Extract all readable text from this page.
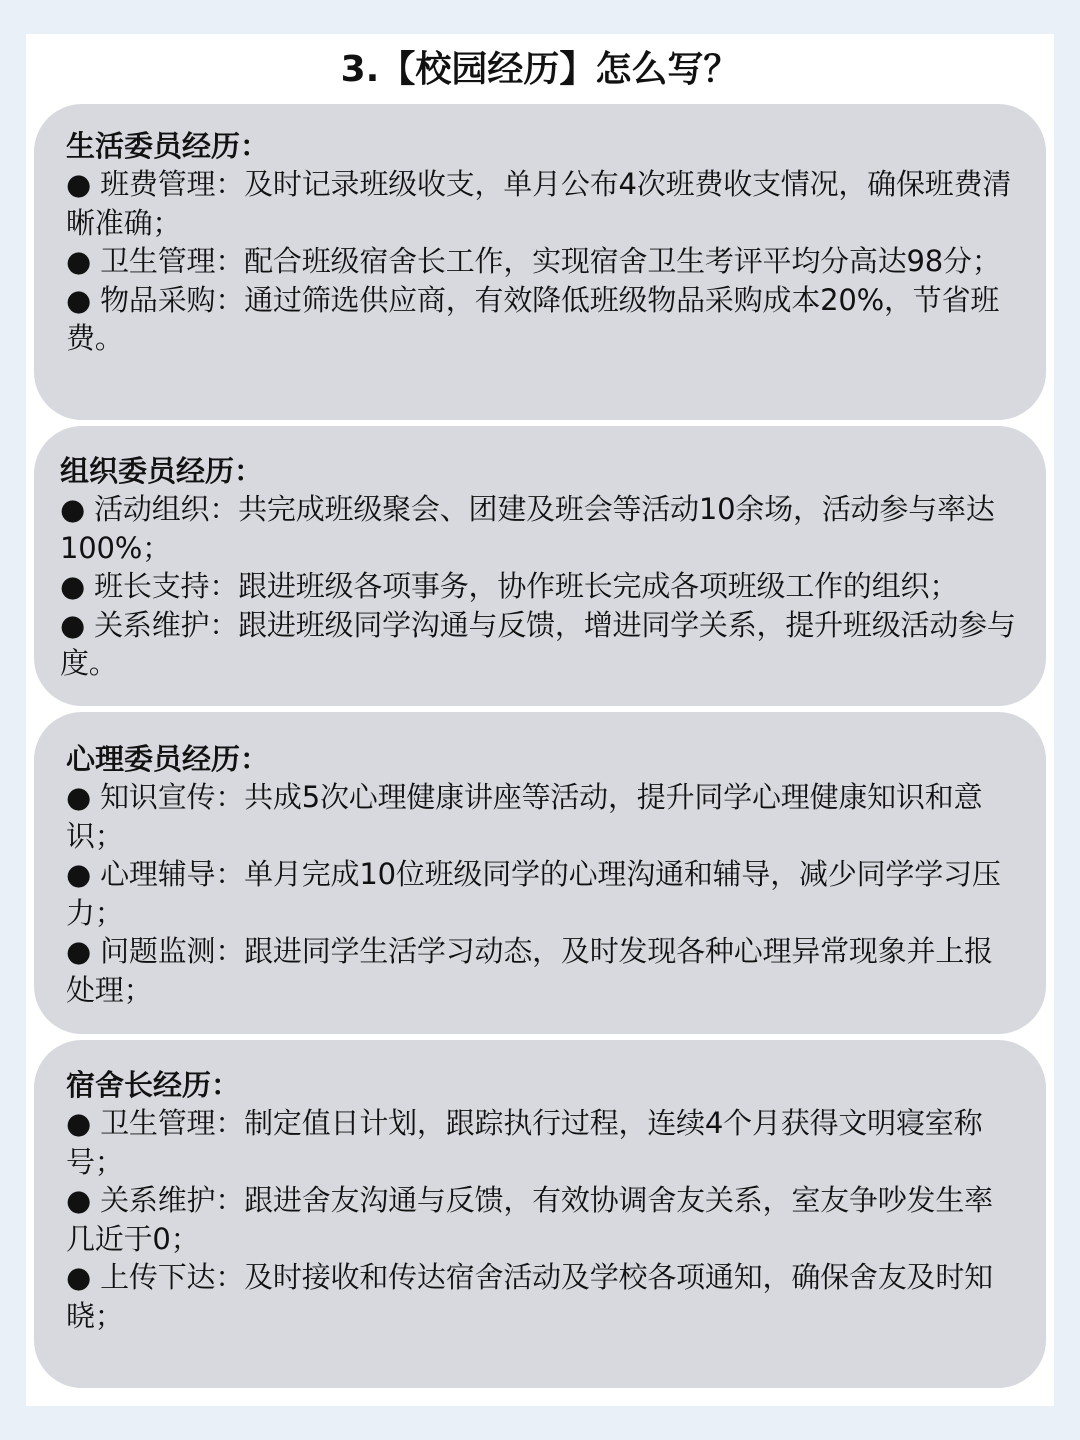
3.【校园经历】怎么写？

生活委员经历：

● 班费管理：及时记录班级收支，单月公布4次班费收支情况，确保班费清晰准确；

● 卫生管理：配合班级宿舍长工作，实现宿舍卫生考评平均分高达98分；

● 物品采购：通过筛选供应商，有效降低班级物品采购成本20%，节省班费。

组织委员经历：

● 活动组织：共完成班级聚会、团建及班会等活动10余场，活动参与率达100%；

● 班长支持：跟进班级各项事务，协作班长完成各项班级工作的组织；

● 关系维护：跟进班级同学沟通与反馈，增进同学关系，提升班级活动参与度。

心理委员经历：

● 知识宣传：共成5次心理健康讲座等活动，提升同学心理健康知识和意识；

● 心理辅导：单月完成10位班级同学的心理沟通和辅导，减少同学学习压力；

● 问题监测：跟进同学生活学习动态，及时发现各种心理异常现象并上报处理；

宿舍长经历：

● 卫生管理：制定值日计划，跟踪执行过程，连续4个月获得文明寝室称号；

● 关系维护：跟进舍友沟通与反馈，有效协调舍友关系，室友争吵发生率几近于0；

● 上传下达：及时接收和传达宿舍活动及学校各项通知，确保舍友及时知晓；
